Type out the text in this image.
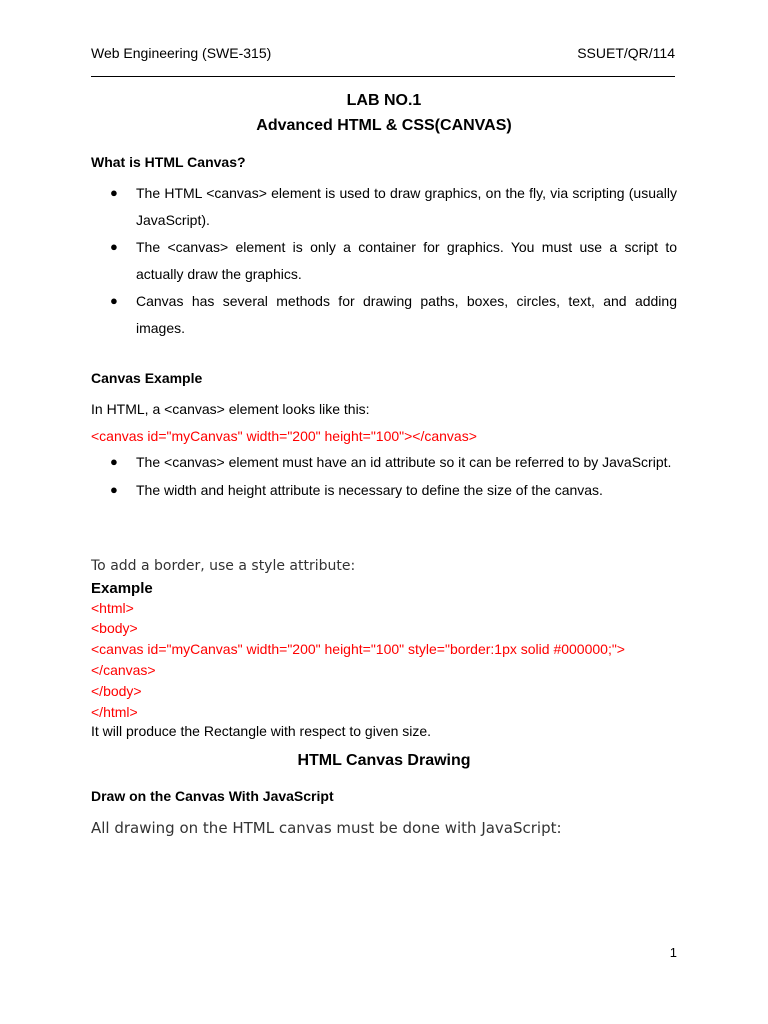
Web Engineering (SWE-315)	SSUET/QR/114
LAB NO.1
Advanced HTML & CSS(CANVAS)
What is HTML Canvas?
● The HTML <canvas> element is used to draw graphics, on the fly, via scripting (usually JavaScript).
● The <canvas> element is only a container for graphics. You must use a script to actually draw the graphics.
● Canvas has several methods for drawing paths, boxes, circles, text, and adding images.
Canvas Example
In HTML, a <canvas> element looks like this:
<canvas id="myCanvas" width="200" height="100"></canvas>
● The <canvas> element must have an id attribute so it can be referred to by JavaScript.
● The width and height attribute is necessary to define the size of the canvas.
To add a border, use a style attribute:
Example
<html>
<body>
<canvas id="myCanvas" width="200" height="100" style="border:1px solid #000000;">
</canvas>
</body>
</html>
It will produce the Rectangle with respect to given size.
HTML Canvas Drawing
Draw on the Canvas With JavaScript
All drawing on the HTML canvas must be done with JavaScript:
1
